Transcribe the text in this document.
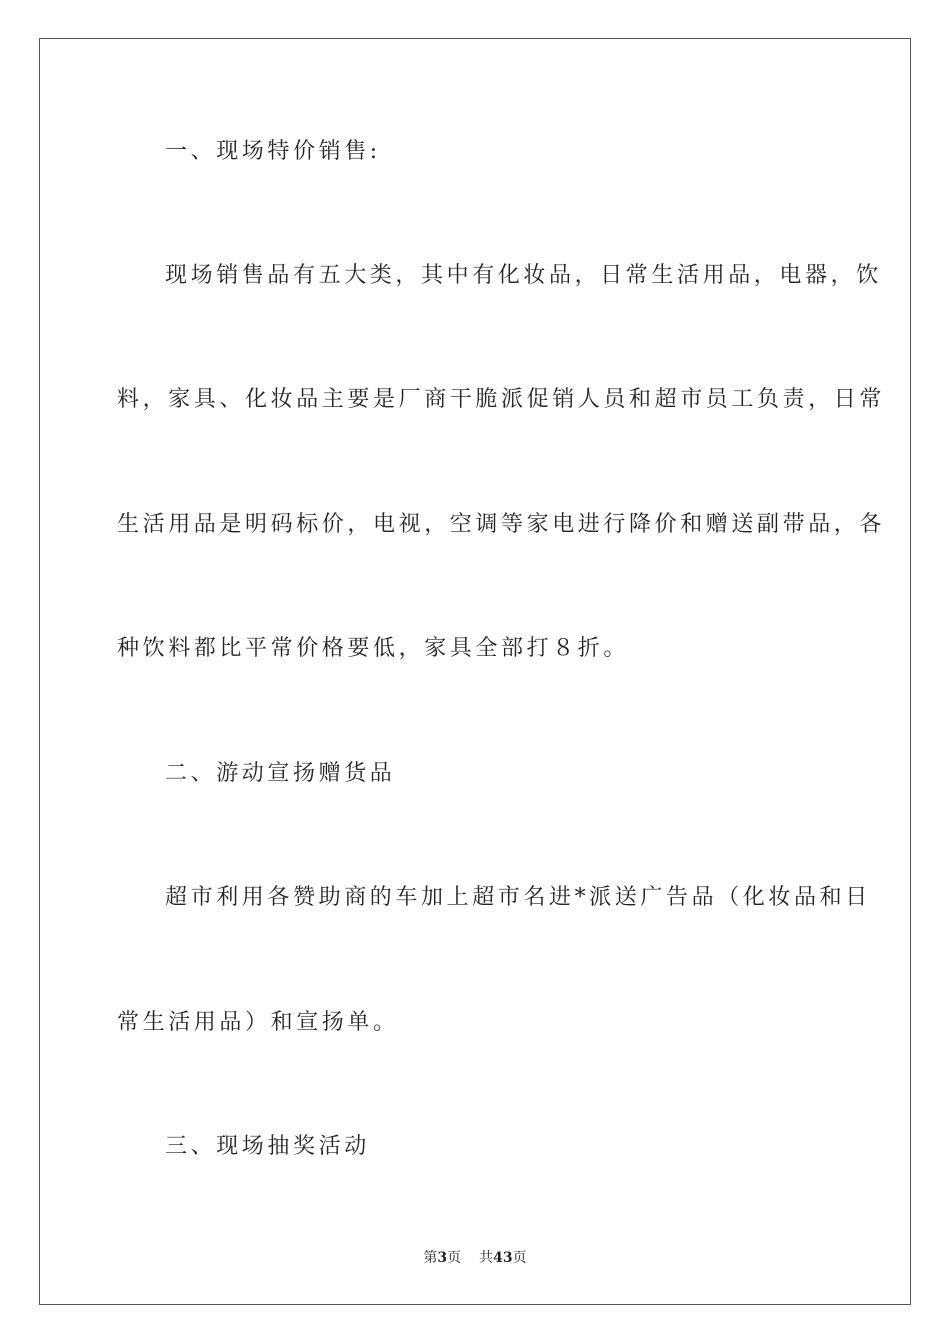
一、现场特价销售:
现场销售品有五大类，其中有化妆品，日常生活用品，电器，饮
料，家具、化妆品主要是厂商干脆派促销人员和超市员工负责，日常
生活用品是明码标价，电视，空调等家电进行降价和赠送副带品，各
种饮料都比平常价格要低，家具全部打８折。
二、游动宣扬赠货品
超市利用各赞助商的车加上超市名进*派送广告品（化妆品和日
常生活用品）和宣扬单。
三、现场抽奖活动
第3页 共43页
